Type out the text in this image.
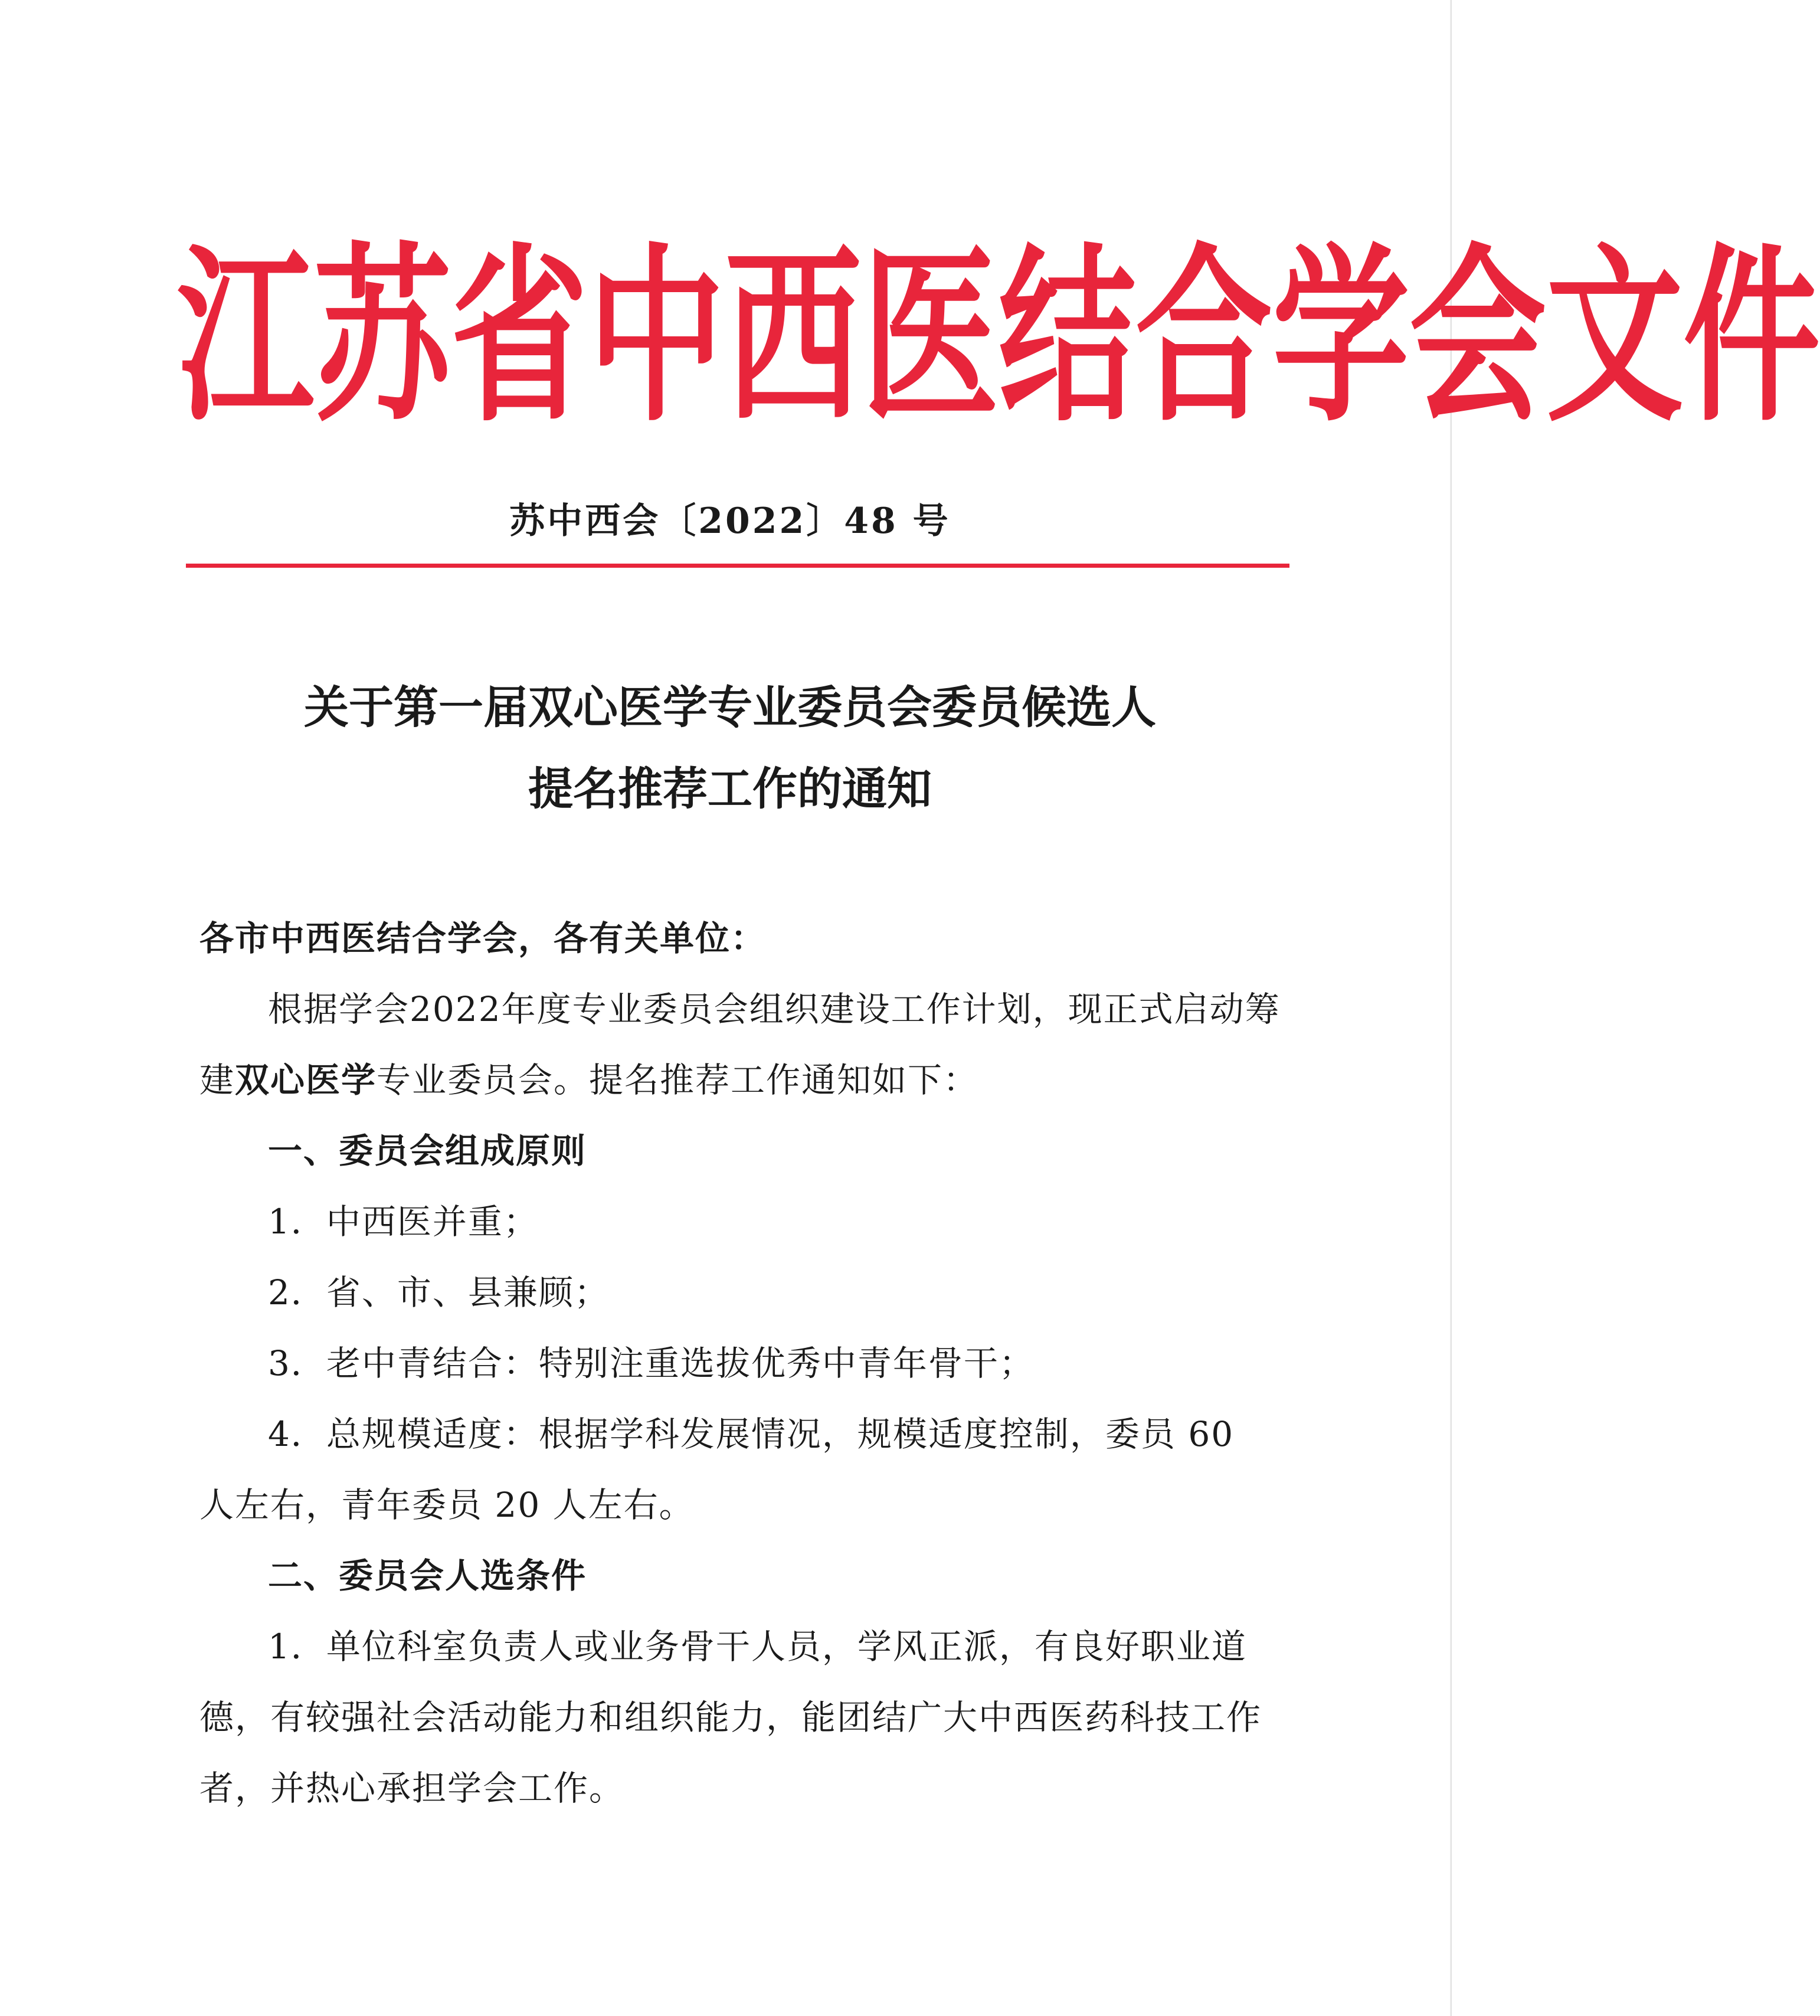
江 苏 省 中 西 医 结 合 学 会 文 件
苏中西会〔2022〕48 号
关于第一届双心医学专业委员会委员候选人
提名推荐工作的通知

各市中西医结合学会，各有关单位：

根据学会2022年度专业委员会组织建设工作计划，现正式启动筹建双心医学专业委员会。提名推荐工作通知如下：

一、委员会组成原则

1．中西医并重；

2．省、市、县兼顾；

3．老中青结合：特别注重选拔优秀中青年骨干；

4．总规模适度：根据学科发展情况，规模适度控制，委员 60 人左右，青年委员 20 人左右。

二、委员会人选条件

1．单位科室负责人或业务骨干人员，学风正派，有良好职业道德，有较强社会活动能力和组织能力，能团结广大中西医药科技工作者，并热心承担学会工作。
